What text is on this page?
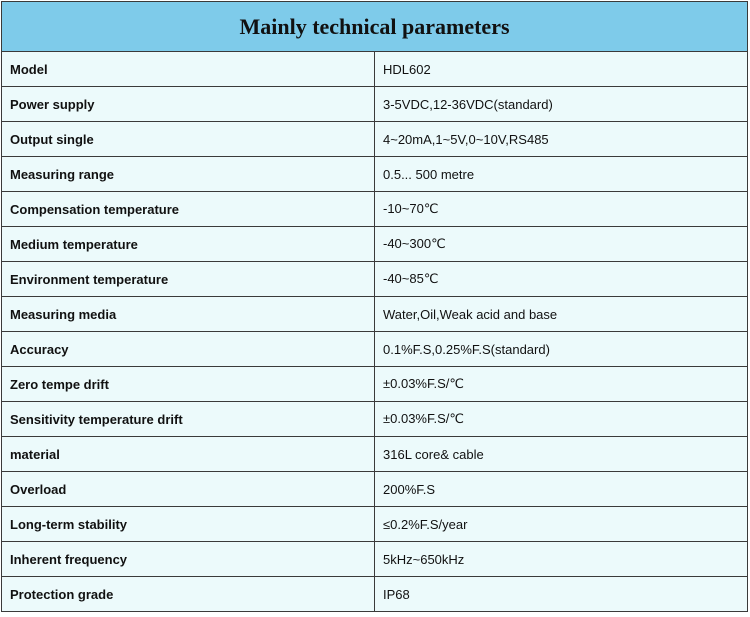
Mainly technical parameters	
Model	HDL602
Power supply	3-5VDC,12-36VDC(standard)
Output single	4~20mA,1~5V,0~10V,RS485
Measuring range	0.5... 500 metre
Compensation temperature	-10~70℃
Medium temperature	-40~300℃
Environment temperature	-40~85℃
Measuring media	Water,Oil,Weak acid and base
Accuracy	0.1%F.S,0.25%F.S(standard)
Zero tempe drift	±0.03%F.S/℃
Sensitivity temperature drift	±0.03%F.S/℃
material	316L core& cable
Overload	200%F.S
Long-term stability	≤0.2%F.S/year
Inherent frequency	5kHz~650kHz
Protection grade	IP68
